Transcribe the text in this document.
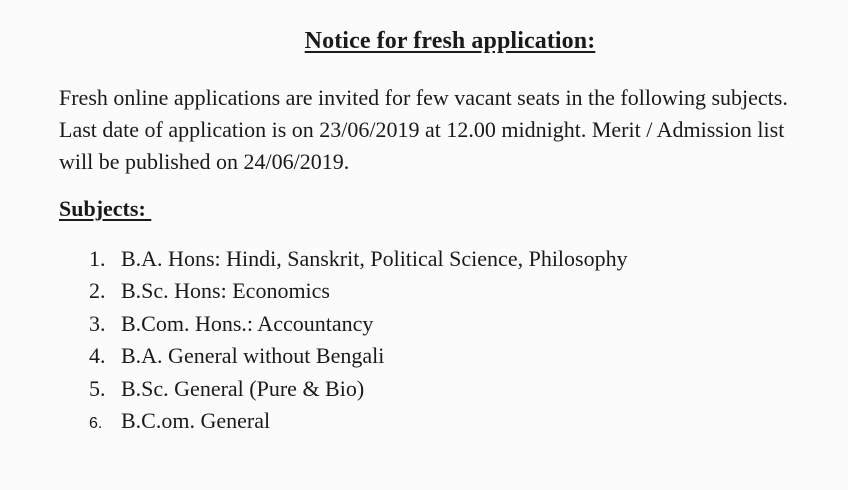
Notice for fresh application:

Fresh online applications are invited for few vacant seats in the following subjects. Last date of application is on 23/06/2019 at 12.00 midnight. Merit / Admission list will be published on 24/06/2019.

Subjects:
1. B.A. Hons: Hindi, Sanskrit, Political Science, Philosophy
2. B.Sc. Hons: Economics
3. B.Com. Hons.: Accountancy
4. B.A. General without Bengali
5. B.Sc. General (Pure & Bio)
6. B.C.om. General
